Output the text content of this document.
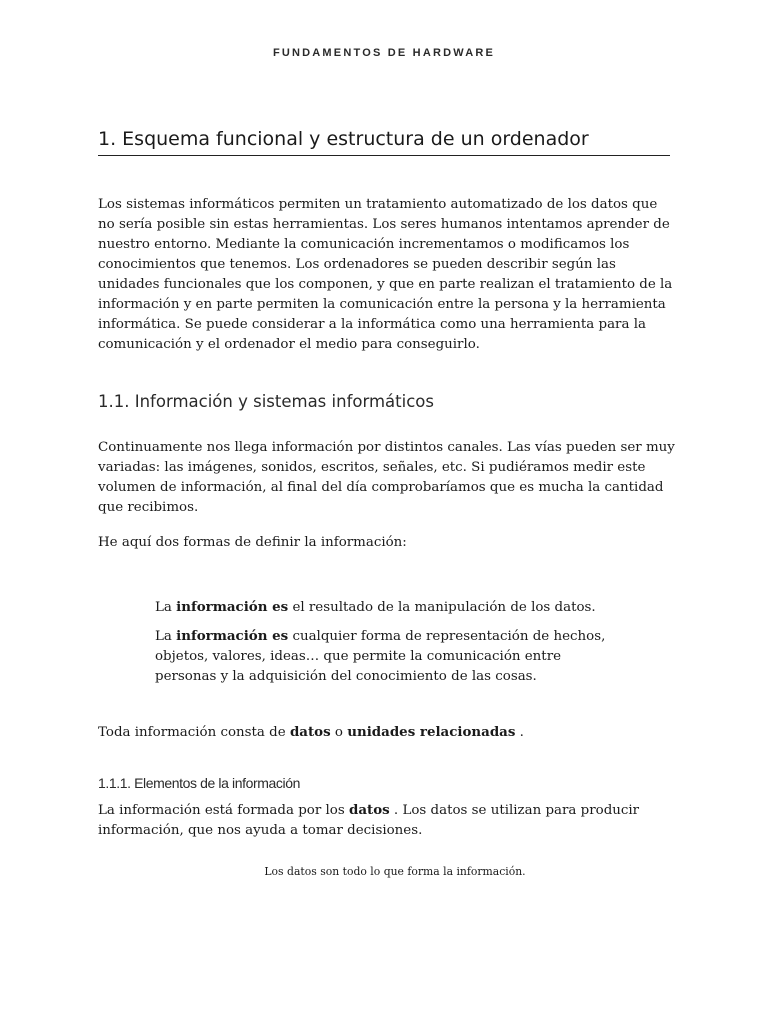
FUNDAMENTOS DE HARDWARE
1. Esquema funcional y estructura de un ordenador

Los sistemas informáticos permiten un tratamiento automatizado de los datos que no sería posible sin estas herramientas. Los seres humanos intentamos aprender de nuestro entorno. Mediante la comunicación incrementamos o modificamos los conocimientos que tenemos. Los ordenadores se pueden describir según las unidades funcionales que los componen, y que en parte realizan el tratamiento de la información y en parte permiten la comunicación entre la persona y la herramienta informática. Se puede considerar a la informática como una herramienta para la comunicación y el ordenador el medio para conseguirlo.

1.1. Información y sistemas informáticos

Continuamente nos llega información por distintos canales. Las vías pueden ser muy variadas: las imágenes, sonidos, escritos, señales, etc. Si pudiéramos medir este volumen de información, al final del día comprobaríamos que es mucha la cantidad que recibimos.

He aquí dos formas de definir la información:

La información es el resultado de la manipulación de los datos.

La información es cualquier forma de representación de hechos, objetos, valores, ideas… que permite la comunicación entre personas y la adquisición del conocimiento de las cosas.

Toda información consta de datos o unidades relacionadas .

1.1.1. Elementos de la información

La información está formada por los datos . Los datos se utilizan para producir información, que nos ayuda a tomar decisiones.

Los datos son todo lo que forma la información.
